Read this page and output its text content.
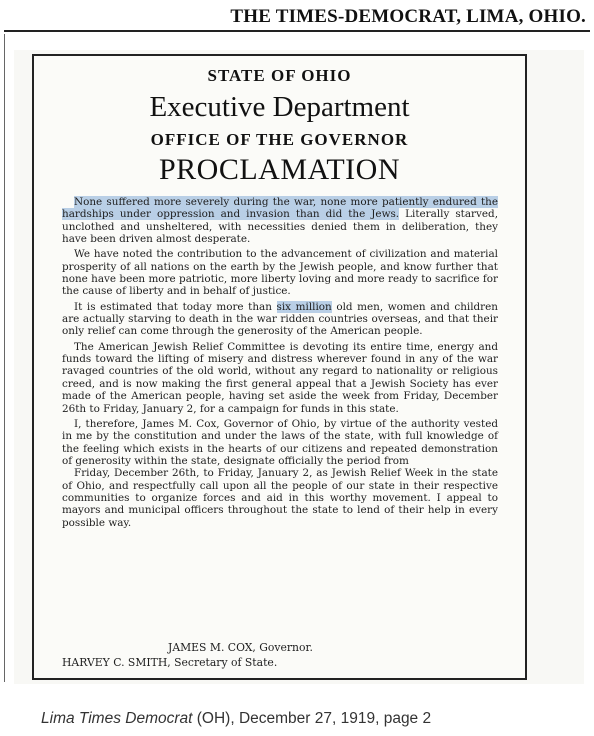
THE TIMES-DEMOCRAT, LIMA, OHIO.
STATE OF OHIO
Executive Department
OFFICE OF THE GOVERNOR
PROCLAMATION

None suffered more severely during the war, none more patiently endured the hardships under oppression and invasion than did the Jews. Literally starved, unclothed and unsheltered, with necessities denied them in deliberation, they have been driven almost desperate.

We have noted the contribution to the advancement of civilization and material prosperity of all nations on the earth by the Jewish people, and know further that none have been more patriotic, more liberty loving and more ready to sacrifice for the cause of liberty and in behalf of justice.

It is estimated that today more than six million old men, women and children are actually starving to death in the war ridden countries overseas, and that their only relief can come through the generosity of the American people.

The American Jewish Relief Committee is devoting its entire time, energy and funds toward the lifting of misery and distress wherever found in any of the war ravaged countries of the old world, without any regard to nationality or religious creed, and is now making the first general appeal that a Jewish Society has ever made of the American people, having set aside the week from Friday, December 26th to Friday, January 2, for a campaign for funds in this state.

I, therefore, James M. Cox, Governor of Ohio, by virtue of the authority vested in me by the constitution and under the laws of the state, with full knowledge of the feeling which exists in the hearts of our citizens and repeated demonstration of generosity within the state, designate officially the period from

Friday, December 26th, to Friday, January 2, as Jewish Relief Week in the state of Ohio, and respectfully call upon all the people of our state in their respective communities to organize forces and aid in this worthy movement. I appeal to mayors and municipal officers throughout the state to lend of their help in every possible way.

JAMES M. COX, Governor.
HARVEY C. SMITH, Secretary of State.
Lima Times Democrat (OH), December 27, 1919, page 2
